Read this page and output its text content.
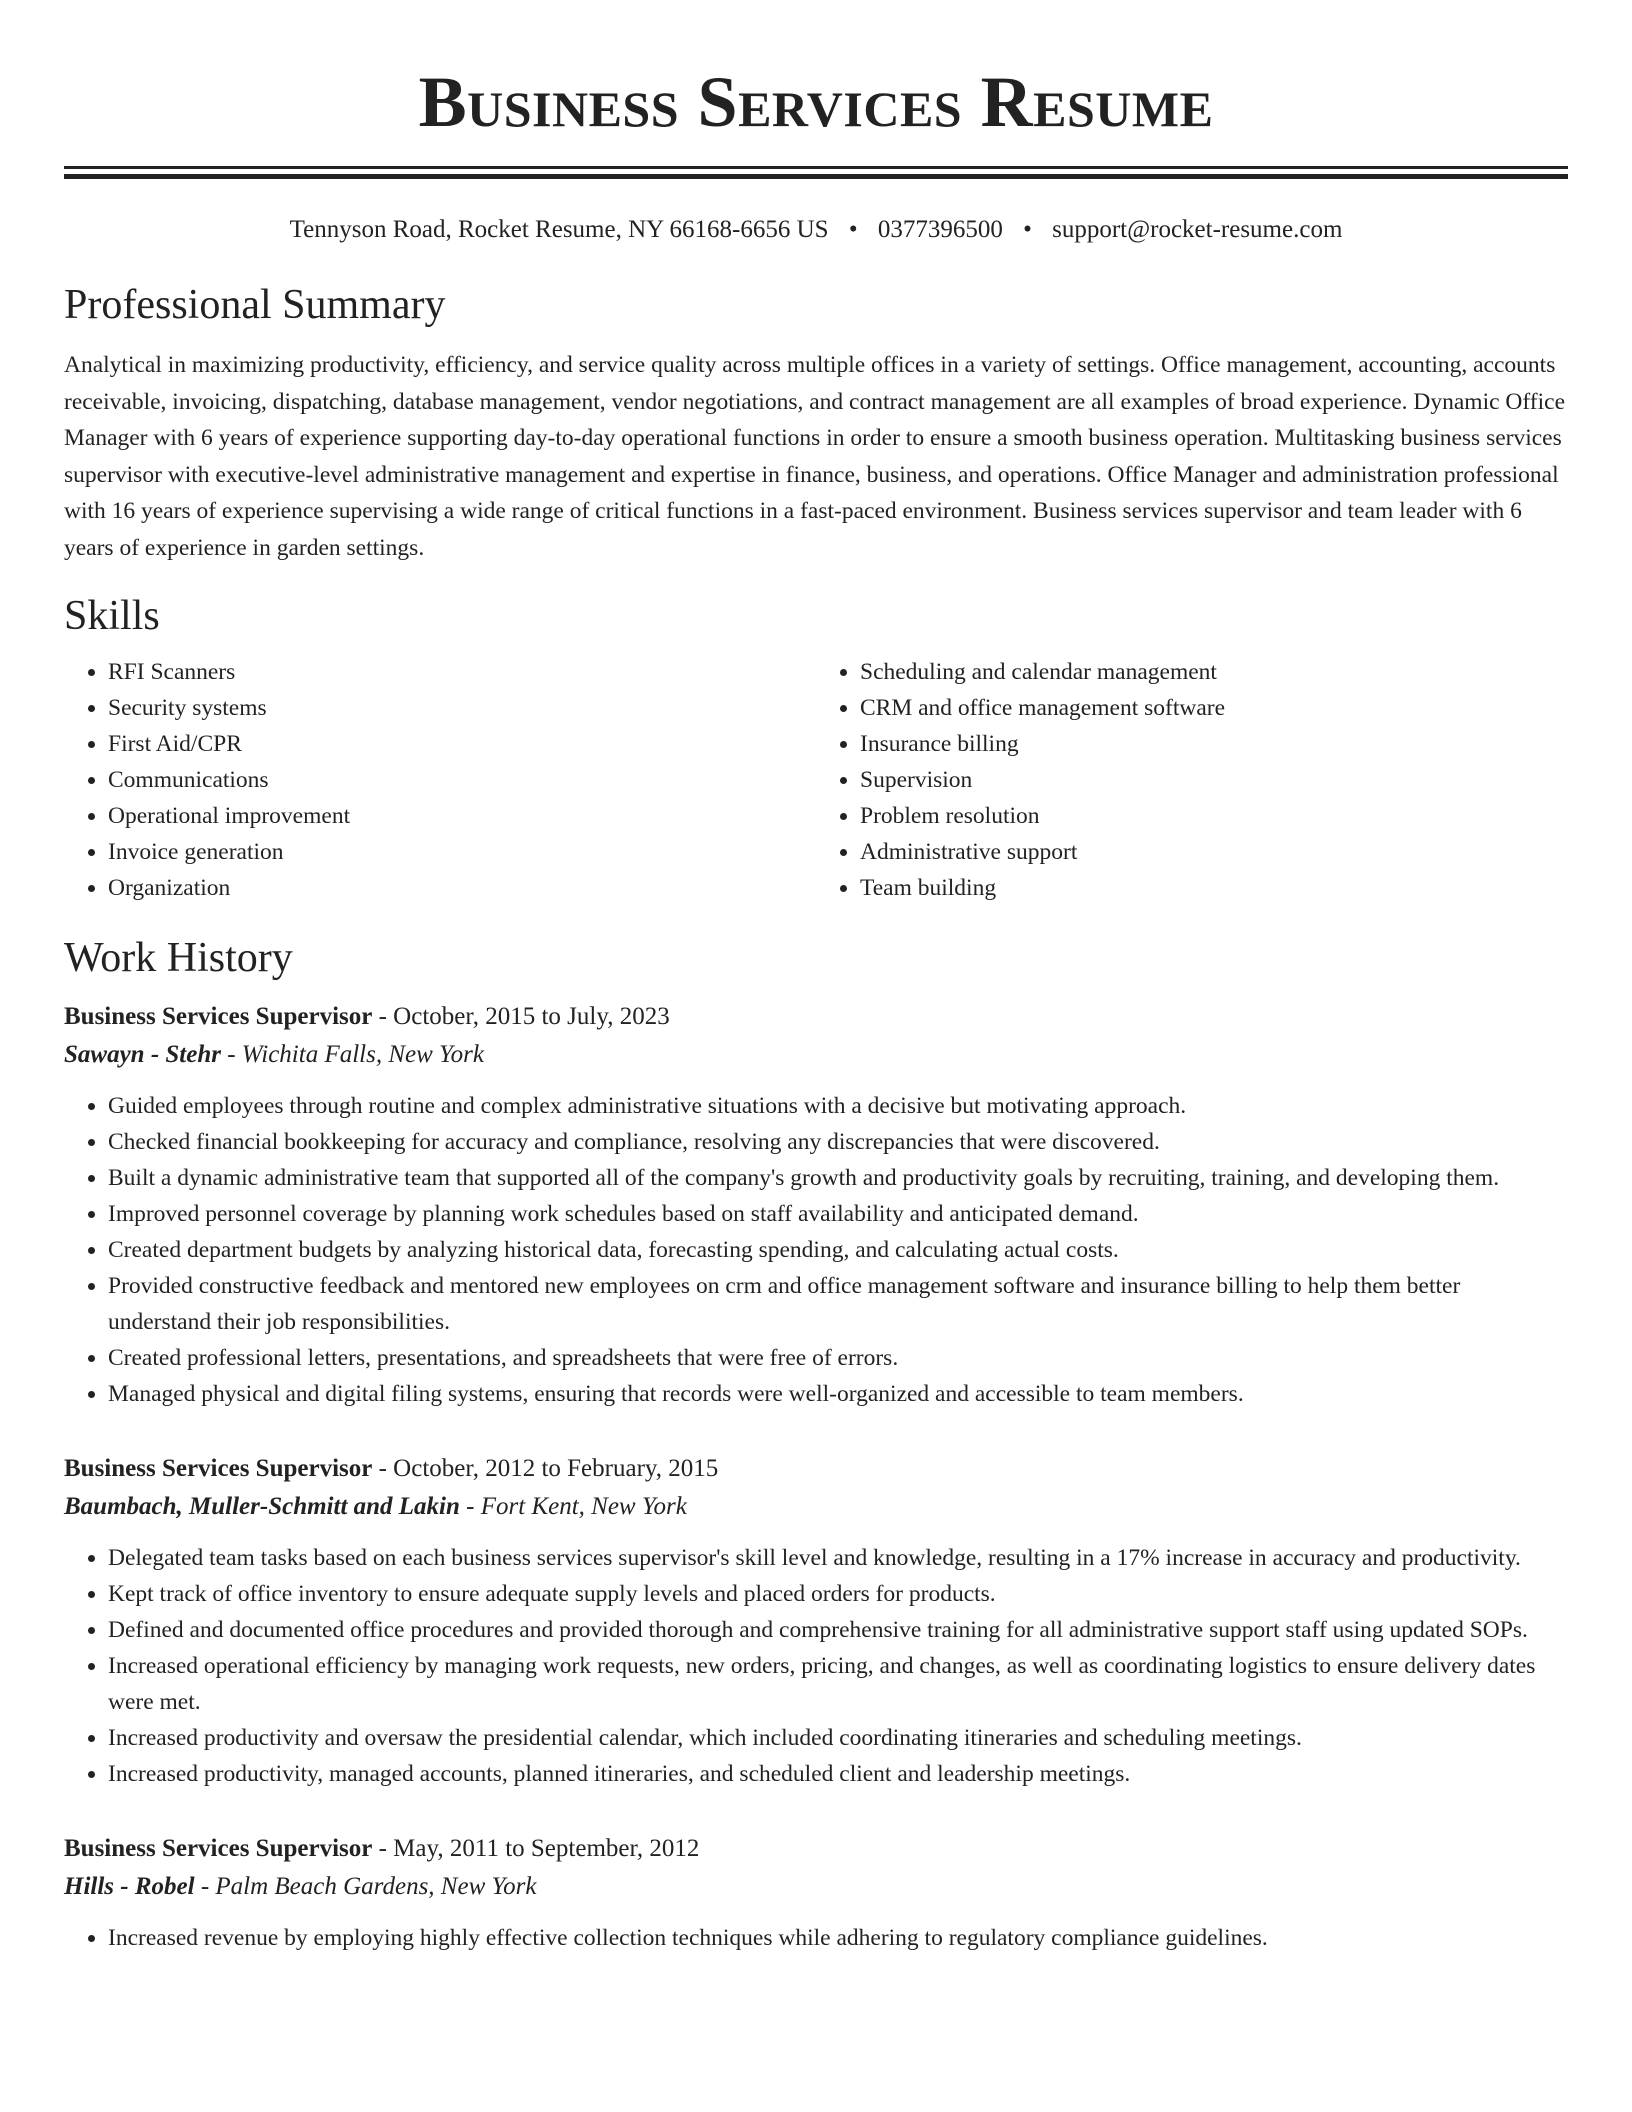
Business Services Resume
Tennyson Road, Rocket Resume, NY 66168-6656 US • 0377396500 • support@rocket-resume.com
Professional Summary

Analytical in maximizing productivity, efficiency, and service quality across multiple offices in a variety of settings. Office management, accounting, accounts receivable, invoicing, dispatching, database management, vendor negotiations, and contract management are all examples of broad experience. Dynamic Office Manager with 6 years of experience supporting day-to-day operational functions in order to ensure a smooth business operation. Multitasking business services supervisor with executive-level administrative management and expertise in finance, business, and operations. Office Manager and administration professional with 16 years of experience supervising a wide range of critical functions in a fast-paced environment. Business services supervisor and team leader with 6 years of experience in garden settings.

Skills
• RFI Scanners
• Security systems
• First Aid/CPR
• Communications
• Operational improvement
• Invoice generation
• Organization
• Scheduling and calendar management
• CRM and office management software
• Insurance billing
• Supervision
• Problem resolution
• Administrative support
• Team building
Work History
Business Services Supervisor - October, 2015 to July, 2023
Sawayn - Stehr - Wichita Falls, New York
• Guided employees through routine and complex administrative situations with a decisive but motivating approach.
• Checked financial bookkeeping for accuracy and compliance, resolving any discrepancies that were discovered.
• Built a dynamic administrative team that supported all of the company's growth and productivity goals by recruiting, training, and developing them.
• Improved personnel coverage by planning work schedules based on staff availability and anticipated demand.
• Created department budgets by analyzing historical data, forecasting spending, and calculating actual costs.
• Provided constructive feedback and mentored new employees on crm and office management software and insurance billing to help them better understand their job responsibilities.
• Created professional letters, presentations, and spreadsheets that were free of errors.
• Managed physical and digital filing systems, ensuring that records were well-organized and accessible to team members.
Business Services Supervisor - October, 2012 to February, 2015
Baumbach, Muller-Schmitt and Lakin - Fort Kent, New York
• Delegated team tasks based on each business services supervisor's skill level and knowledge, resulting in a 17% increase in accuracy and productivity.
• Kept track of office inventory to ensure adequate supply levels and placed orders for products.
• Defined and documented office procedures and provided thorough and comprehensive training for all administrative support staff using updated SOPs.
• Increased operational efficiency by managing work requests, new orders, pricing, and changes, as well as coordinating logistics to ensure delivery dates were met.
• Increased productivity and oversaw the presidential calendar, which included coordinating itineraries and scheduling meetings.
• Increased productivity, managed accounts, planned itineraries, and scheduled client and leadership meetings.
Business Services Supervisor - May, 2011 to September, 2012
Hills - Robel - Palm Beach Gardens, New York
• Increased revenue by employing highly effective collection techniques while adhering to regulatory compliance guidelines.
